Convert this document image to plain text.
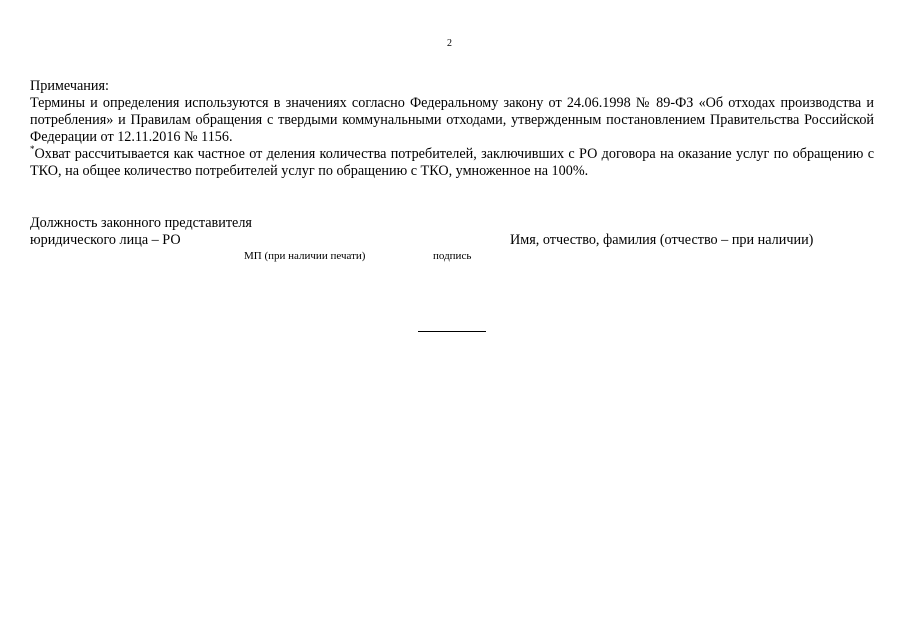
2

Примечания:

Термины и определения используются в значениях согласно Федеральному закону от 24.06.1998 № 89-ФЗ «Об отходах производства и потребления» и Правилам обращения с твердыми коммунальными отходами, утвержденным постановлением Правительства Российской Федерации от 12.11.2016 № 1156.

*Охват рассчитывается как частное от деления количества потребителей, заключивших с РО договора на оказание услуг по обращению с ТКО, на общее количество потребителей услуг по обращению с ТКО, умноженное на 100%.

Должность законного представителя
юридического лица – РО	Имя, отчество, фамилия (отчество – при наличии)
МП (при наличии печати)	подпись
